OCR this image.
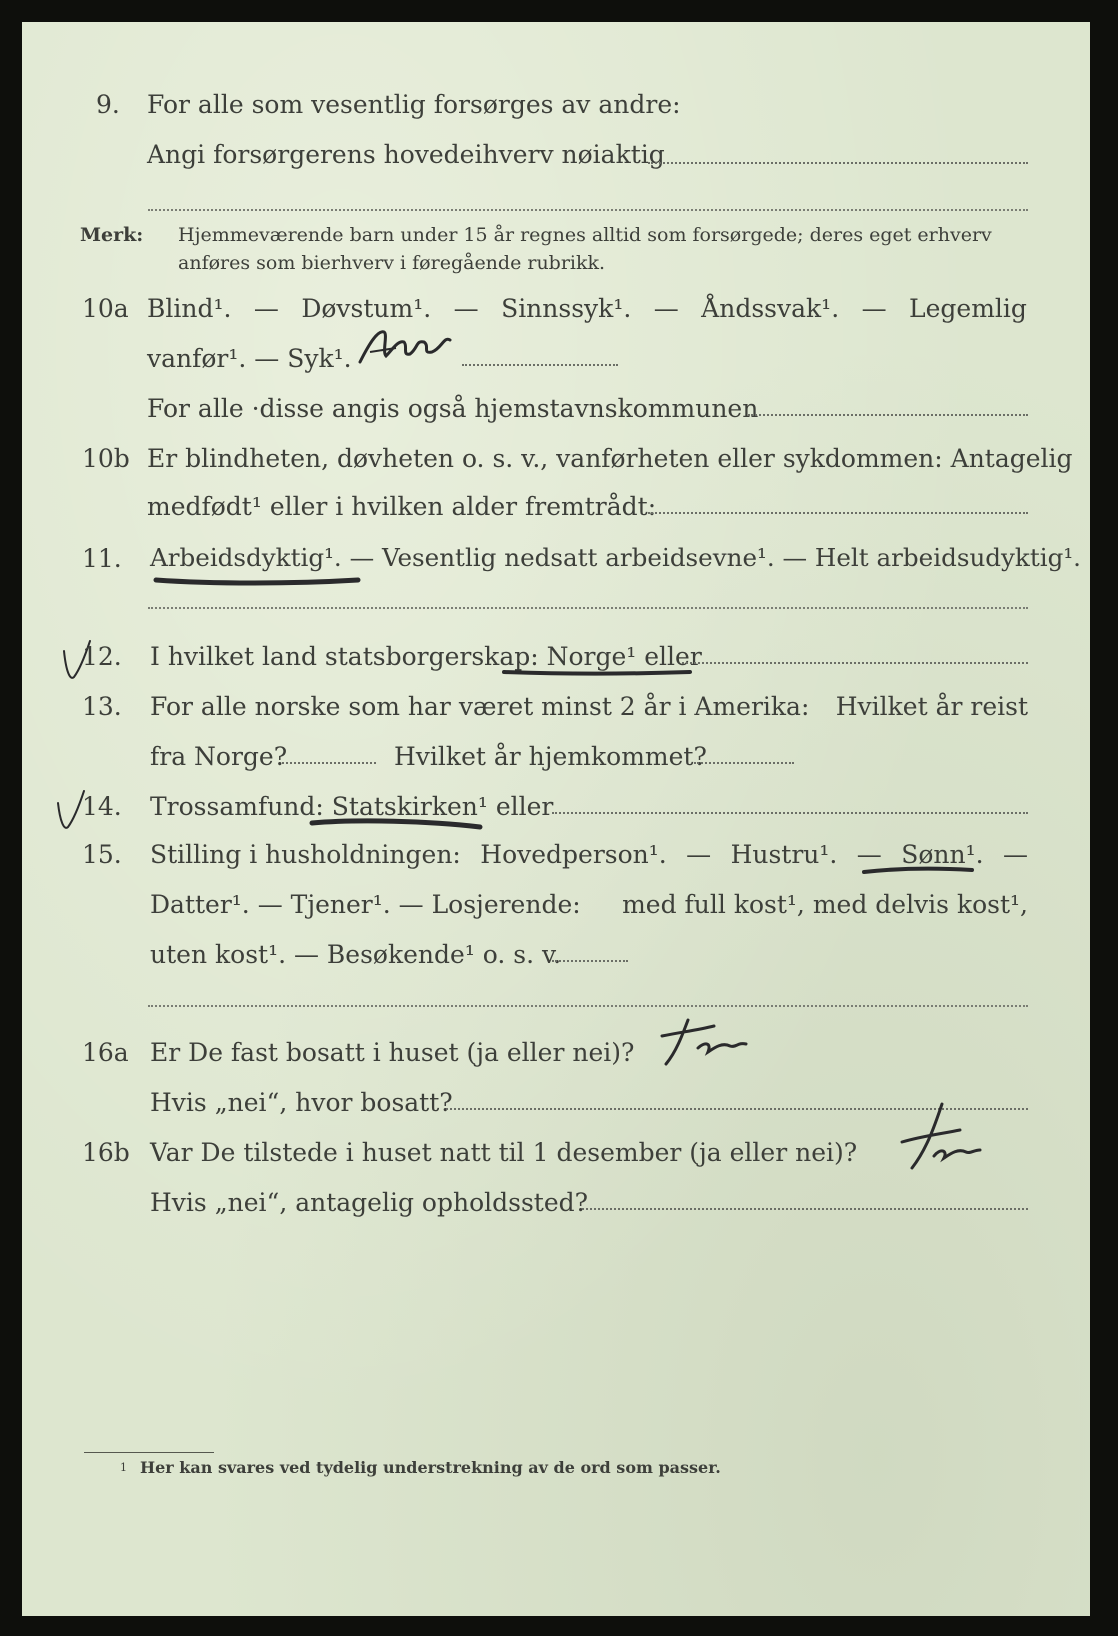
9. For alle som vesentlig forsørges av andre:
Angi forsørgerens hovedeihverv nøiaktig
Merk: Hjemmeværende barn under 15 år regnes alltid som forsørgede; deres eget erhverv
anføres som bierhverv i føregående rubrikk.
10a Blind¹. — Døvstum¹. — Sinnssyk¹. — Åndssvak¹. — Legemlig
vanfør¹. — Syk¹.
For alle ·disse angis også hjemstavnskommunen
10b Er blindheten, døvheten o. s. v., vanførheten eller sykdommen: Antagelig
medfødt¹ eller i hvilken alder fremtrådt:
11. Arbeidsdyktig¹. — Vesentlig nedsatt arbeidsevne¹. — Helt arbeidsudyktig¹.
12. I hvilket land statsborgerskap: Norge¹ eller
13. For alle norske som har været minst 2 år i Amerika: Hvilket år reist
fra Norge?	Hvilket år hjemkommet?
14. Trossamfund: Statskirken¹ eller
15. Stilling i husholdningen: Hovedperson¹. — Hustru¹. — Sønn¹. —
Datter¹. — Tjener¹. — Losjerende: med full kost¹, med delvis kost¹,
uten kost¹. — Besøkende¹ o. s. v.
16a Er De fast bosatt i huset (ja eller nei)?
Hvis „nei“, hvor bosatt?
16b Var De tilstede i huset natt til 1 desember (ja eller nei)?
Hvis „nei“, antagelig opholdssted?
1 Her kan svares ved tydelig understrekning av de ord som passer.
